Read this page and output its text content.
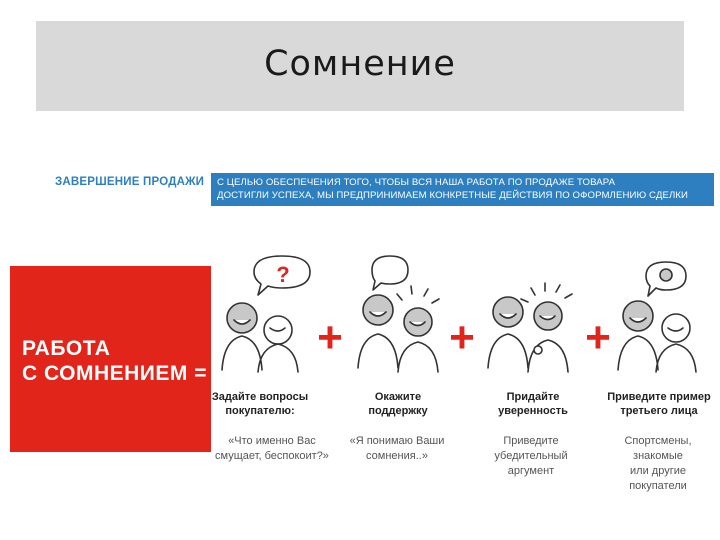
Сомнение
ЗАВЕРШЕНИЕ ПРОДАЖИ С ЦЕЛЬЮ ОБЕСПЕЧЕНИЯ ТОГО, ЧТОБЫ ВСЯ НАША РАБОТА ПО ПРОДАЖЕ ТОВАРА
ДОСТИГЛИ УСПЕХА, МЫ ПРЕДПРИНИМАЕМ КОНКРЕТНЫЕ ДЕЙСТВИЯ ПО ОФОРМЛЕНИЮ СДЕЛКИ
РАБОТА
С СОМНЕНИЕМ =
?
+ +	+
Задайте вопросы
покупателю:
Окажите
поддержку
Придайте
уверенность
Приведите пример
третьего лица
«Что именно Вас
смущает, беспокоит?»
«Я понимаю Ваши
сомнения..»
Приведите
убедительный
аргумент
Спортсмены,
знакомые
или другие
покупатели
